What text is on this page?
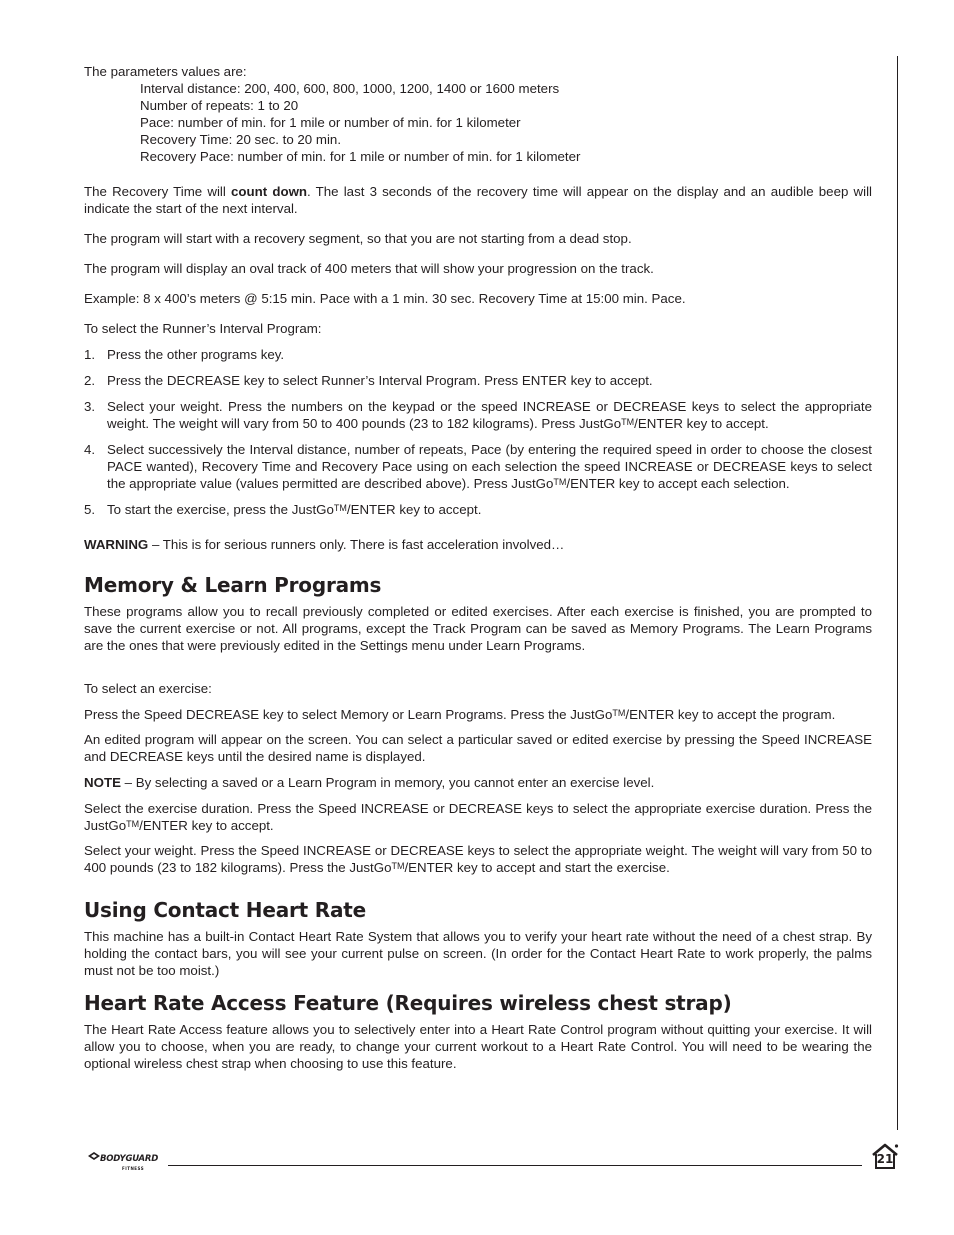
The parameters values are:

Interval distance: 200, 400, 600, 800, 1000, 1200, 1400 or 1600 meters

Number of repeats: 1 to 20

Pace: number of min. for 1 mile or number of min. for 1 kilometer

Recovery Time: 20 sec. to 20 min.

Recovery Pace: number of min. for 1 mile or number of min. for 1 kilometer

The Recovery Time will count down. The last 3 seconds of the recovery time will appear on the display and an audible beep will indicate the start of the next interval.

The program will start with a recovery segment, so that you are not starting from a dead stop.

The program will display an oval track of 400 meters that will show your progression on the track.

Example: 8 x 400’s meters @ 5:15 min. Pace with a 1 min. 30 sec. Recovery Time at 15:00 min. Pace.

To select the Runner’s Interval Program:

1. Press the other programs key.
2. Press the DECREASE key to select Runner’s Interval Program. Press ENTER key to accept.
3. Select your weight. Press the numbers on the keypad or the speed INCREASE or DECREASE keys to select the appropriate weight. The weight will vary from 50 to 400 pounds (23 to 182 kilograms). Press JustGo™/ENTER key to accept.
4. Select successively the Interval distance, number of repeats, Pace (by entering the required speed in order to choose the closest PACE wanted), Recovery Time and Recovery Pace using on each selection the speed INCREASE or DECREASE keys to select the appropriate value (values permitted are described above). Press JustGo™/ENTER key to accept each selection.
5. To start the exercise, press the JustGo™/ENTER key to accept.

WARNING – This is for serious runners only. There is fast acceleration involved…

Memory & Learn Programs

These programs allow you to recall previously completed or edited exercises. After each exercise is finished, you are prompted to save the current exercise or not. All programs, except the Track Program can be saved as Memory Programs. The Learn Programs are the ones that were previously edited in the Settings menu under Learn Programs.

To select an exercise:

Press the Speed DECREASE key to select Memory or Learn Programs. Press the JustGo™/ENTER key to accept the program.

An edited program will appear on the screen. You can select a particular saved or edited exercise by pressing the Speed INCREASE and DECREASE keys until the desired name is displayed.

NOTE – By selecting a saved or a Learn Program in memory, you cannot enter an exercise level.

Select the exercise duration. Press the Speed INCREASE or DECREASE keys to select the appropriate exercise duration. Press the JustGo™/ENTER key to accept.

Select your weight. Press the Speed INCREASE or DECREASE keys to select the appropriate weight. The weight will vary from 50 to 400 pounds (23 to 182 kilograms). Press the JustGo™/ENTER key to accept and start the exercise.

Using Contact Heart Rate

This machine has a built-in Contact Heart Rate System that allows you to verify your heart rate without the need of a chest strap. By holding the contact bars, you will see your current pulse on screen. (In order for the Contact Heart Rate to work properly, the palms must not be too moist.)

Heart Rate Access Feature (Requires wireless chest strap)

The Heart Rate Access feature allows you to selectively enter into a Heart Rate Control program without quitting your exercise. It will allow you to choose, when you are ready, to change your current workout to a Heart Rate Control. You will need to be wearing the optional wireless chest strap when choosing to use this feature.

BODYGUARD
FITNESS
21
